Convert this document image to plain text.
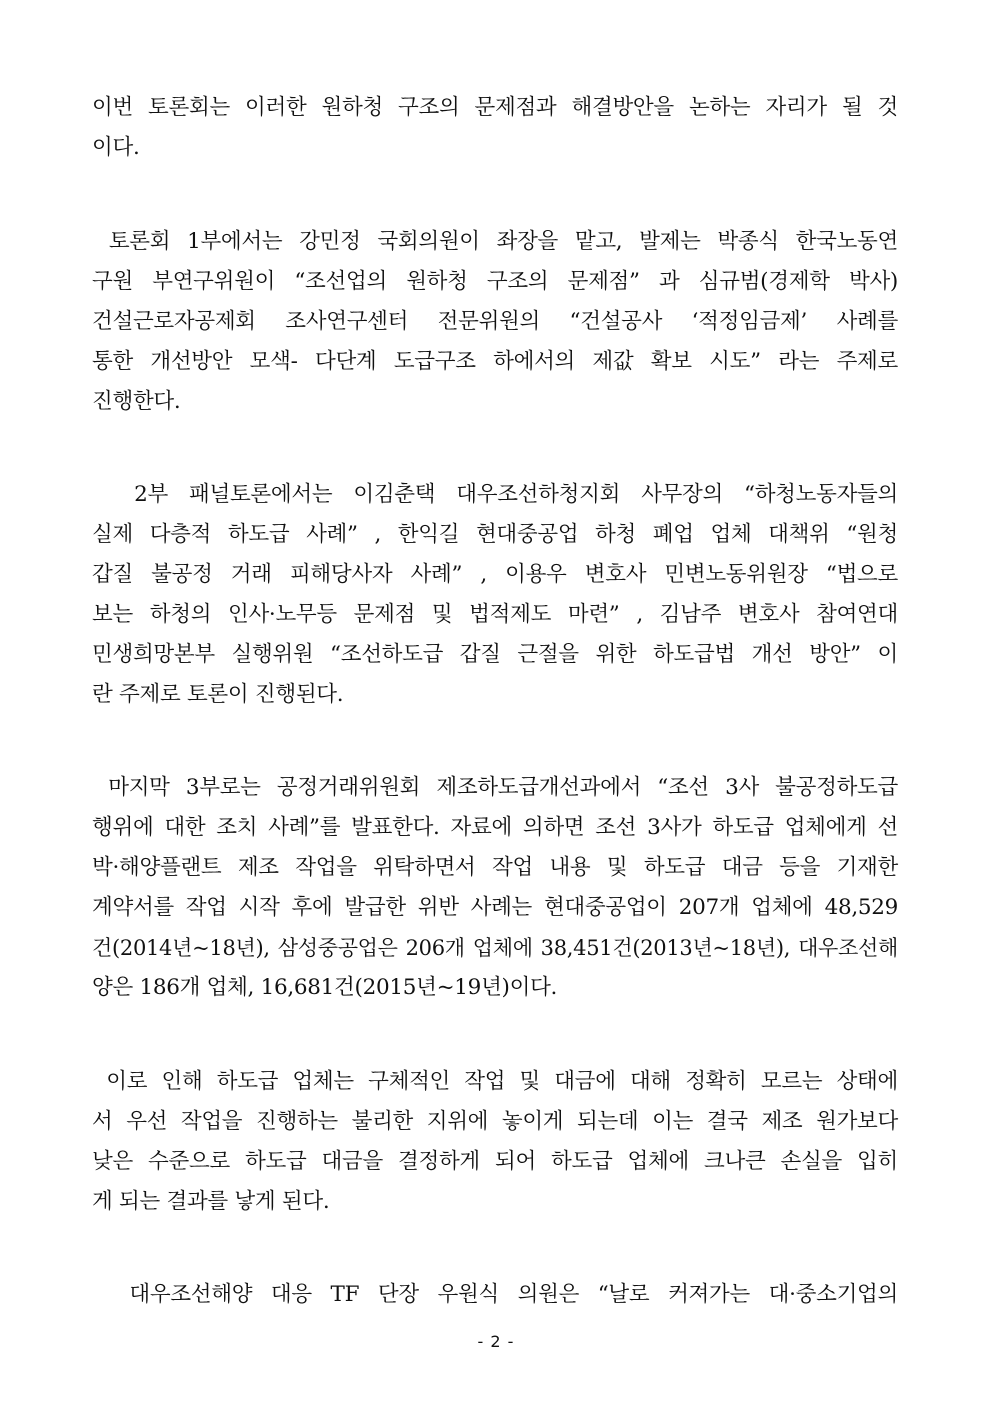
이번 토론회는 이러한 원하청 구조의 문제점과 해결방안을 논하는 자리가 될 것
이다.
토론회 1부에서는 강민정 국회의원이 좌장을 맡고, 발제는 박종식 한국노동연
구원 부연구위원이 “조선업의 원하청 구조의 문제점” 과 심규범(경제학 박사)
건설근로자공제회 조사연구센터 전문위원의 “건설공사 ‘적정임금제’ 사례를
통한 개선방안 모색- 다단계 도급구조 하에서의 제값 확보 시도” 라는 주제로
진행한다.
2부 패널토론에서는 이김춘택 대우조선하청지회 사무장의 “하청노동자들의
실제 다층적 하도급 사례” , 한익길 현대중공업 하청 폐업 업체 대책위 “원청
갑질 불공정 거래 피해당사자 사례” , 이용우 변호사 민변노동위원장 “법으로
보는 하청의 인사·노무등 문제점 및 법적제도 마련” , 김남주 변호사 참여연대
민생희망본부 실행위원 “조선하도급 갑질 근절을 위한 하도급법 개선 방안” 이
란 주제로 토론이 진행된다.
마지막 3부로는 공정거래위원회 제조하도급개선과에서 “조선 3사 불공정하도급
행위에 대한 조치 사례”를 발표한다. 자료에 의하면 조선 3사가 하도급 업체에게 선
박·해양플랜트 제조 작업을 위탁하면서 작업 내용 및 하도급 대금 등을 기재한
계약서를 작업 시작 후에 발급한 위반 사례는 현대중공업이 207개 업체에 48,529
건(2014년~18년), 삼성중공업은 206개 업체에 38,451건(2013년~18년), 대우조선해
양은 186개 업체, 16,681건(2015년~19년)이다.
이로 인해 하도급 업체는 구체적인 작업 및 대금에 대해 정확히 모르는 상태에
서 우선 작업을 진행하는 불리한 지위에 놓이게 되는데 이는 결국 제조 원가보다
낮은 수준으로 하도급 대금을 결정하게 되어 하도급 업체에 크나큰 손실을 입히
게 되는 결과를 낳게 된다.
대우조선해양 대응 TF 단장 우원식 의원은 “날로 커져가는 대·중소기업의
- 2 -
